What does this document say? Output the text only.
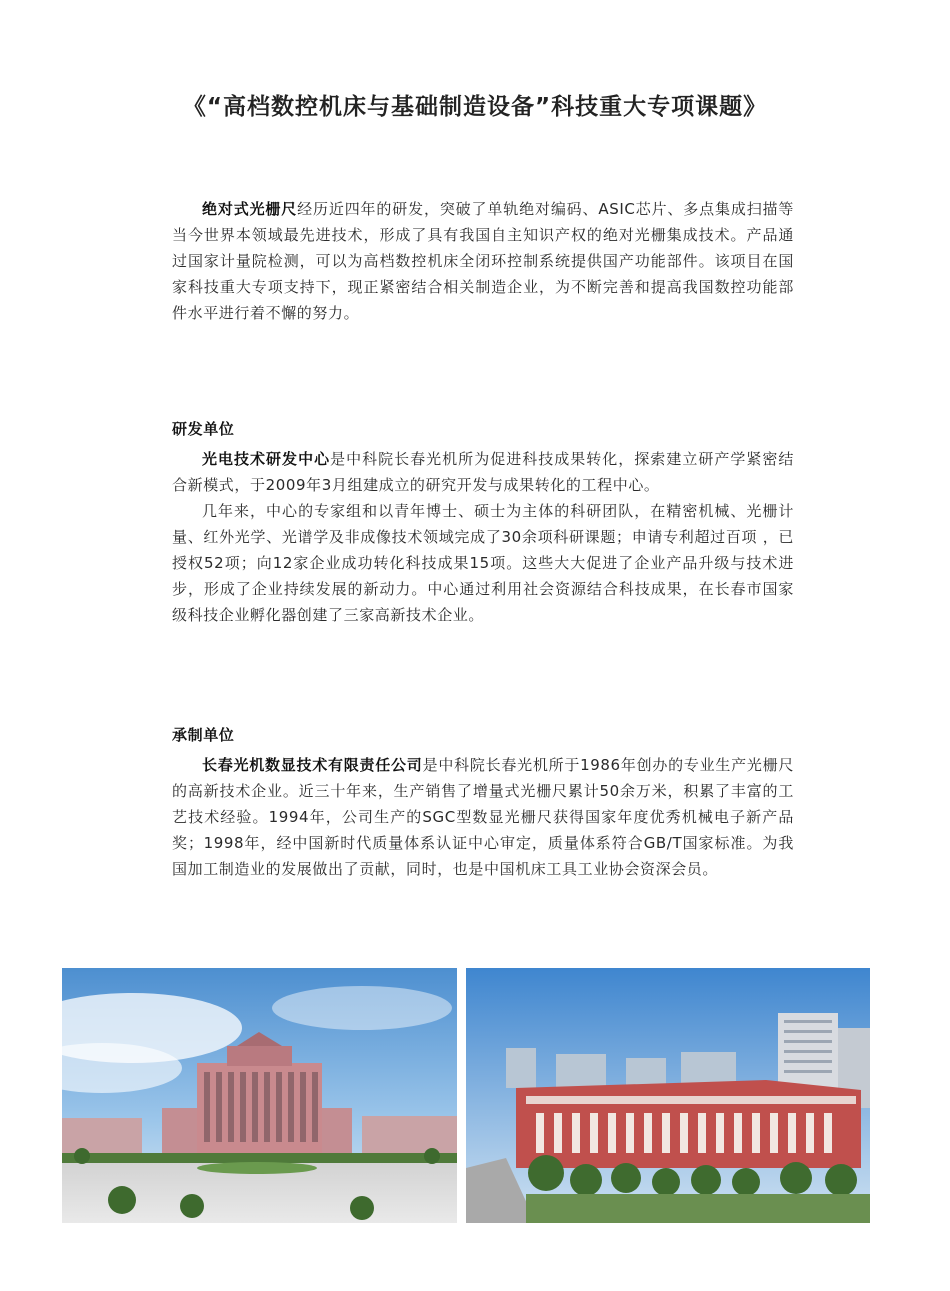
《“高档数控机床与基础制造设备”科技重大专项课题》

绝对式光栅尺经历近四年的研发，突破了单轨绝对编码、ASIC芯片、多点集成扫描等当今世界本领域最先进技术，形成了具有我国自主知识产权的绝对光栅集成技术。产品通过国家计量院检测，可以为高档数控机床全闭环控制系统提供国产功能部件。该项目在国家科技重大专项支持下，现正紧密结合相关制造企业，为不断完善和提高我国数控功能部件水平进行着不懈的努力。

研发单位

光电技术研发中心是中科院长春光机所为促进科技成果转化，探索建立研产学紧密结合新模式，于2009年3月组建成立的研究开发与成果转化的工程中心。

几年来，中心的专家组和以青年博士、硕士为主体的科研团队，在精密机械、光栅计量、红外光学、光谱学及非成像技术领域完成了30余项科研课题；申请专利超过百项 ，已授权52项；向12家企业成功转化科技成果15项。这些大大促进了企业产品升级与技术进步，形成了企业持续发展的新动力。中心通过利用社会资源结合科技成果，在长春市国家级科技企业孵化器创建了三家高新技术企业。

承制单位

长春光机数显技术有限责任公司是中科院长春光机所于1986年创办的专业生产光栅尺的高新技术企业。近三十年来，生产销售了增量式光栅尺累计50余万米，积累了丰富的工艺技术经验。1994年，公司生产的SGC型数显光栅尺获得国家年度优秀机械电子新产品奖；1998年，经中国新时代质量体系认证中心审定，质量体系符合GB/T国家标准。为我国加工制造业的发展做出了贡献，同时，也是中国机床工具工业协会资深会员。
